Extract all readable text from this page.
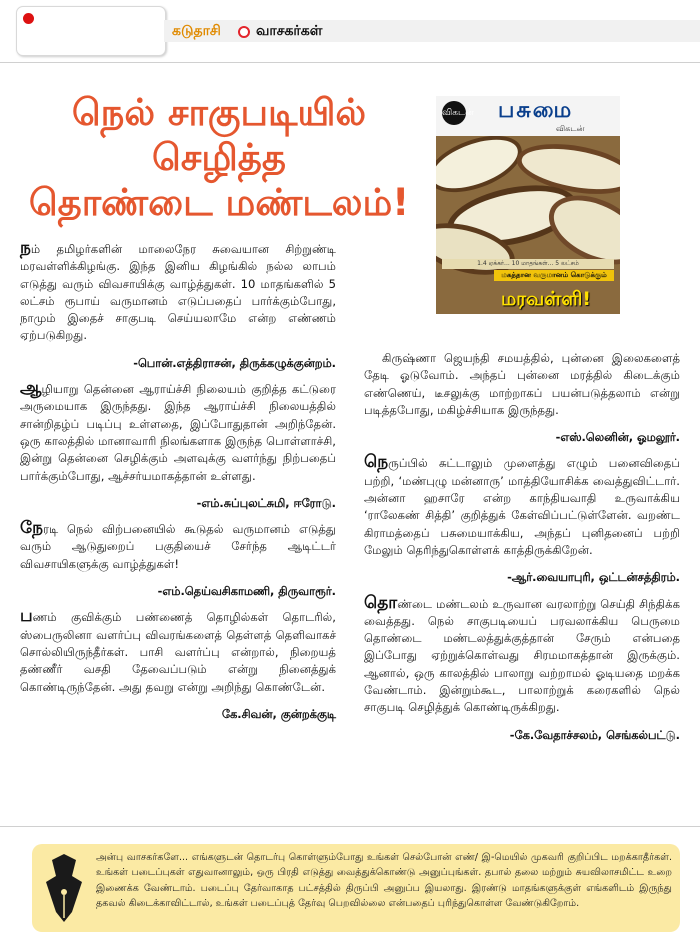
கடுதாசி	வாசகர்கள்
நெல் சாகுபடியில்
செழித்த
தொண்டை மண்டலம்!
விகடன் பசுமை
விகடன்
1.4 ஏக்கர்... 10 மாதங்கள்... 5 லட்சம்
மகத்தான வருமானம் கொடுக்கும்
மரவள்ளி!

நம் தமிழர்களின் மாலைநேர சுவையான சிற்றுண்டி மரவள்ளிக்கிழங்கு. இந்த இனிய கிழங்கில் நல்ல லாபம் எடுத்து வரும் விவசாயிக்கு வாழ்த்துகள். 10 மாதங்களில் 5 லட்சம் ரூபாய் வருமானம் எடுப்பதைப் பார்க்கும்போது, நாமும் இதைச் சாகுபடி செய்யலாமே என்ற எண்ணம் ஏற்படுகிறது.

-பொன்.எத்திராசன், திருக்கழுக்குன்றம்.

ஆழியாறு தென்னை ஆராய்ச்சி நிலையம் குறித்த கட்டுரை அருமையாக இருந்தது. இந்த ஆராய்ச்சி நிலையத்தில் சான்றிதழ்ப் படிப்பு உள்ளதை, இப்போதுதான் அறிந்தேன். ஒரு காலத்தில் மானாவாரி நிலங்களாக இருந்த பொள்ளாச்சி, இன்று தென்னை செழிக்கும் அளவுக்கு வளர்ந்து நிற்பதைப் பார்க்கும்போது, ஆச்சர்யமாகத்தான் உள்ளது.

-எம்.சுப்புலட்சுமி, ஈரோடு.

நேரடி நெல் விற்பனையில் கூடுதல் வருமானம் எடுத்து வரும் ஆடுதுறைப் பகுதியைச் சேர்ந்த ஆடிட்டர் விவசாயிகளுக்கு வாழ்த்துகள்!

-எம்.தெய்வசிகாமணி, திருவாரூர்.

பணம் குவிக்கும் பண்ணைத் தொழில்கள் தொடரில், ஸ்பைருலினா வளர்ப்பு விவரங்களைத் தெள்ளத் தெளிவாகச் சொல்லியிருந்தீர்கள். பாசி வளர்ப்பு என்றால், நிறையத் தண்ணீர் வசதி தேவைப்படும் என்று நினைத்துக் கொண்டிருந்தேன். அது தவறு என்று அறிந்து கொண்டேன்.

கே.சிவன், குன்றக்குடி

கிருஷ்ணா ஜெயந்தி சமயத்தில், புன்னை இலைகளைத் தேடி ஓடுவோம். அந்தப் புன்னை மரத்தில் கிடைக்கும் எண்ணெய், டீசலுக்கு மாற்றாகப் பயன்படுத்தலாம் என்று படித்தபோது, மகிழ்ச்சியாக இருந்தது.

-எஸ்.லெனின், ஓமலூர்.

நெருப்பில் சுட்டாலும் முளைத்து எழும் பனைவிதைப் பற்றி, ‘மண்புழு மன்னாரு’ மாத்தியோசிக்க வைத்துவிட்டார். அன்னா ஹசாரே என்ற காந்தியவாதி உருவாக்கிய ‘ராலேகண் சித்தி’ குறித்துக் கேள்விப்பட்டுள்ளேன். வறண்ட கிராமத்தைப் பசுமையாக்கிய, அந்தப் புனிதனைப் பற்றி மேலும் தெரிந்துகொள்ளக் காத்திருக்கிறேன்.

-ஆர்.வையாபுரி, ஒட்டன்சத்திரம்.

தொண்டை மண்டலம் உருவான வரலாற்று செய்தி சிந்திக்க வைத்தது. நெல் சாகுபடியைப் பரவலாக்கிய பெருமை தொண்டை மண்டலத்துக்குத்தான் சேரும் என்பதை இப்போது ஏற்றுக்கொள்வது சிரமமாகத்தான் இருக்கும். ஆனால், ஒரு காலத்தில் பாலாறு வற்றாமல் ஓடியதை மறக்க வேண்டாம். இன்றும்கூட, பாலாற்றுக் கரைகளில் நெல் சாகுபடி செழித்துக் கொண்டிருக்கிறது.

-கே.வேதாச்சலம், செங்கல்பட்டு.
அன்பு வாசகர்களே... எங்களுடன் தொடர்பு கொள்ளும்போது உங்கள் செல்போன் எண்/ இ-மெயில் முகவரி குறிப்பிட மறக்காதீர்கள். உங்கள் படைப்புகள் எதுவானாலும், ஒரு பிரதி எடுத்து வைத்துக்கொண்டு அனுப்புங்கள். தபால் தலை மற்றும் சுயவிலாசமிட்ட உறை இணைக்க வேண்டாம். படைப்பு தேர்வாகாத பட்சத்தில் திருப்பி அனுப்ப இயலாது. இரண்டு மாதங்களுக்குள் எங்களிடம் இருந்து தகவல் கிடைக்காவிட்டால், உங்கள் படைப்புத் தேர்வு பெறவில்லை என்பதைப் புரிந்துகொள்ள வேண்டுகிறோம்.
